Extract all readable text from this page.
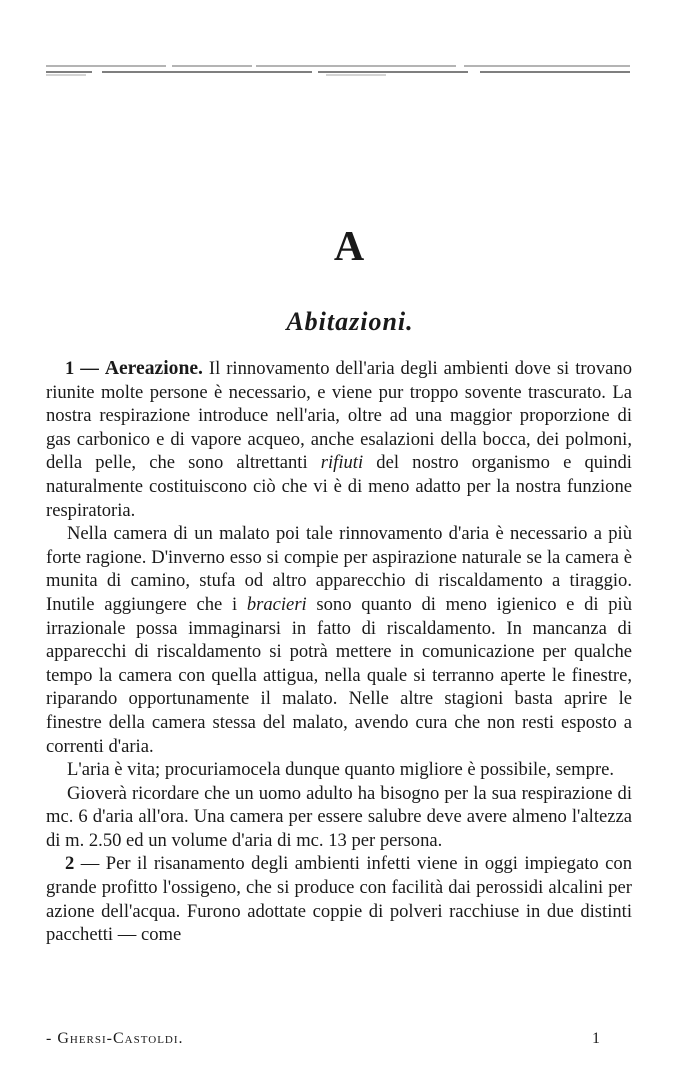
A
Abitazioni.

1 — Aereazione. Il rinnovamento dell'aria degli ambienti dove si trovano riunite molte persone è necessario, e viene pur troppo sovente trascurato. La nostra respirazione introduce nell'aria, oltre ad una maggior proporzione di gas carbonico e di vapore acqueo, anche esalazioni della bocca, dei polmoni, della pelle, che sono altrettanti rifiuti del nostro organismo e quindi naturalmente costituiscono ciò che vi è di meno adatto per la nostra funzione respiratoria.

Nella camera di un malato poi tale rinnovamento d'aria è necessario a più forte ragione. D'inverno esso si compie per aspirazione naturale se la camera è munita di camino, stufa od altro apparecchio di riscaldamento a tiraggio. Inutile aggiungere che i bracieri sono quanto di meno igienico e di più irrazionale possa immaginarsi in fatto di riscaldamento. In mancanza di apparecchi di riscaldamento si potrà mettere in comunicazione per qualche tempo la camera con quella attigua, nella quale si terranno aperte le finestre, riparando opportunamente il malato. Nelle altre stagioni basta aprire le finestre della camera stessa del malato, avendo cura che non resti esposto a correnti d'aria.

L'aria è vita; procuriamocela dunque quanto migliore è possibile, sempre.

Gioverà ricordare che un uomo adulto ha bisogno per la sua respirazione di mc. 6 d'aria all'ora. Una camera per essere salubre deve avere almeno l'altezza di m. 2.50 ed un volume d'aria di mc. 13 per persona.

2 — Per il risanamento degli ambienti infetti viene in oggi impiegato con grande profitto l'ossigeno, che si produce con facilità dai perossidi alcalini per azione dell'acqua. Furono adottate coppie di polveri racchiuse in due distinti pacchetti — come

- Ghersi-Castoldi.	1
